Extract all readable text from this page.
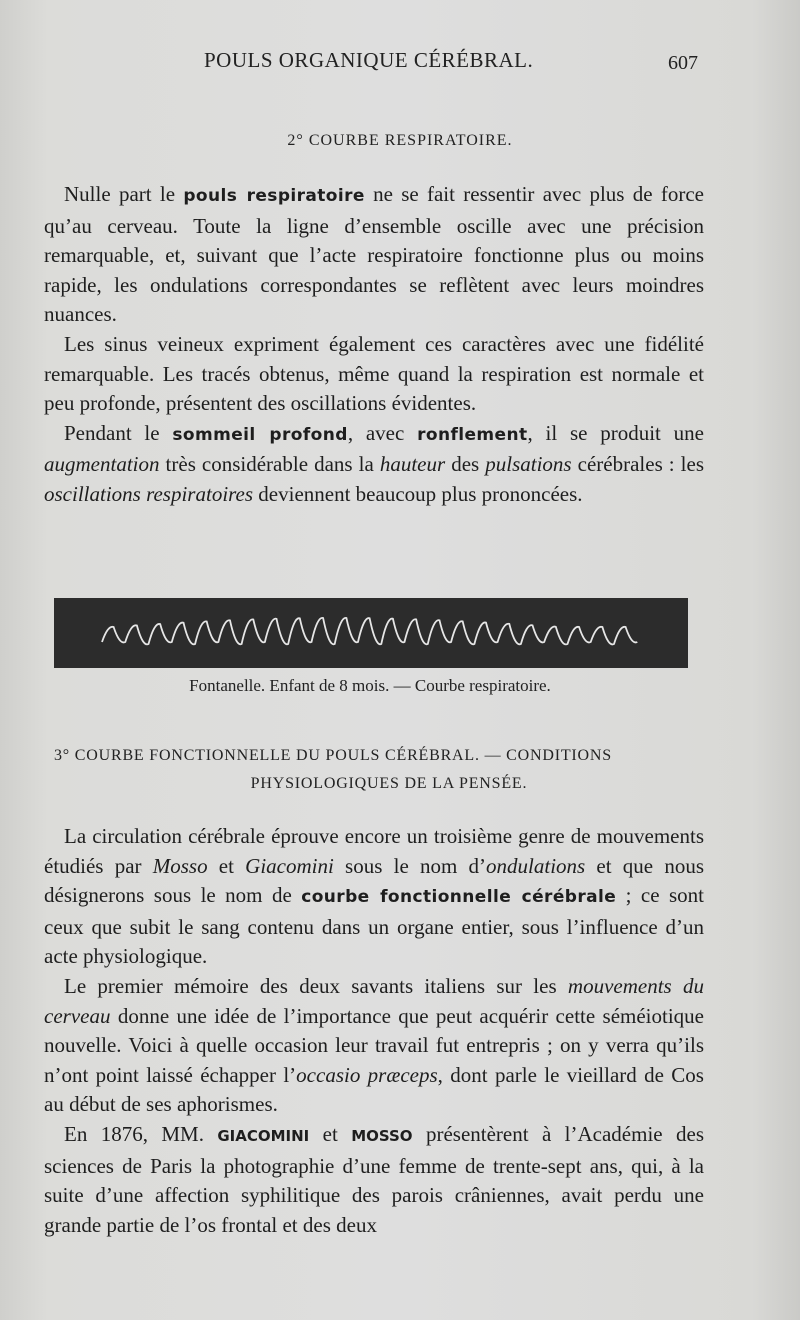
POULS ORGANIQUE CÉRÉBRAL.	607
2° COURBE RESPIRATOIRE.

Nulle part le pouls respiratoire ne se fait ressentir avec plus de force qu’au cerveau. Toute la ligne d’ensemble oscille avec une précision remarquable, et, suivant que l’acte respiratoire fonctionne plus ou moins rapide, les ondulations correspondantes se reflètent avec leurs moindres nuances.

Les sinus veineux expriment également ces caractères avec une fidélité remarquable. Les tracés obtenus, même quand la respiration est normale et peu profonde, présentent des oscillations évidentes.

Pendant le sommeil profond, avec ronflement, il se produit une augmentation très considérable dans la hauteur des pulsations cérébrales : les oscillations respiratoires deviennent beaucoup plus prononcées.

Fontanelle. Enfant de 8 mois. — Courbe respiratoire.
3° COURBE FONCTIONNELLE DU POULS CÉRÉBRAL. — CONDITIONS
PHYSIOLOGIQUES DE LA PENSÉE.

La circulation cérébrale éprouve encore un troisième genre de mouvements étudiés par Mosso et Giacomini sous le nom d’ondulations et que nous désignerons sous le nom de courbe fonctionnelle cérébrale ; ce sont ceux que subit le sang contenu dans un organe entier, sous l’influence d’un acte physiologique.

Le premier mémoire des deux savants italiens sur les mouvements du cerveau donne une idée de l’importance que peut acquérir cette séméiotique nouvelle. Voici à quelle occasion leur travail fut entrepris ; on y verra qu’ils n’ont point laissé échapper l’occasio præceps, dont parle le vieillard de Cos au début de ses aphorismes.

En 1876, MM. GIACOMINI et MOSSO présentèrent à l’Académie des sciences de Paris la photographie d’une femme de trente-sept ans, qui, à la suite d’une affection syphilitique des parois crâniennes, avait perdu une grande partie de l’os frontal et des deux
